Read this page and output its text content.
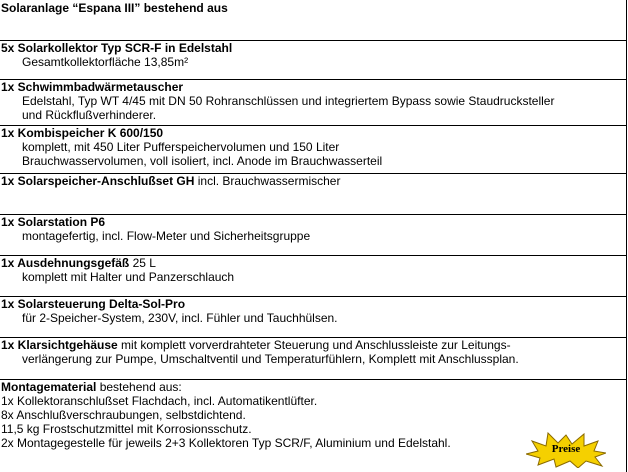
Solaranlage “Espana III” bestehend aus
5x Solarkollektor Typ SCR-F in Edelstahl
Gesamtkollektorfläche 13,85m²
1x Schwimmbadwärmetauscher
Edelstahl, Typ WT 4/45 mit DN 50 Rohranschlüssen und integriertem Bypass sowie Staudrucksteller
und Rückflußverhinderer.
1x Kombispeicher K 600/150
komplett, mit 450 Liter Pufferspeichervolumen und 150 Liter
Brauchwasservolumen, voll isoliert, incl. Anode im Brauchwasserteil
1x Solarspeicher-Anschlußset GH incl. Brauchwassermischer
1x Solarstation P6
montagefertig, incl. Flow-Meter und Sicherheitsgruppe
1x Ausdehnungsgefäß 25 L
komplett mit Halter und Panzerschlauch
1x Solarsteuerung Delta-Sol-Pro
für 2-Speicher-System, 230V, incl. Fühler und Tauchhülsen.
1x Klarsichtgehäuse mit komplett vorverdrahteter Steuerung und Anschlussleiste zur Leitungs-
verlängerung zur Pumpe, Umschaltventil und Temperaturfühlern, Komplett mit Anschlussplan.
Montagematerial bestehend aus:
1x Kollektoranschlußset Flachdach, incl. Automatikentlüfter.
8x Anschlußverschraubungen, selbstdichtend.
11,5 kg Frostschutzmittel mit Korrosionsschutz.
2x Montagegestelle für jeweils 2+3 Kollektoren Typ SCR/F, Aluminium und Edelstahl.	Preise
